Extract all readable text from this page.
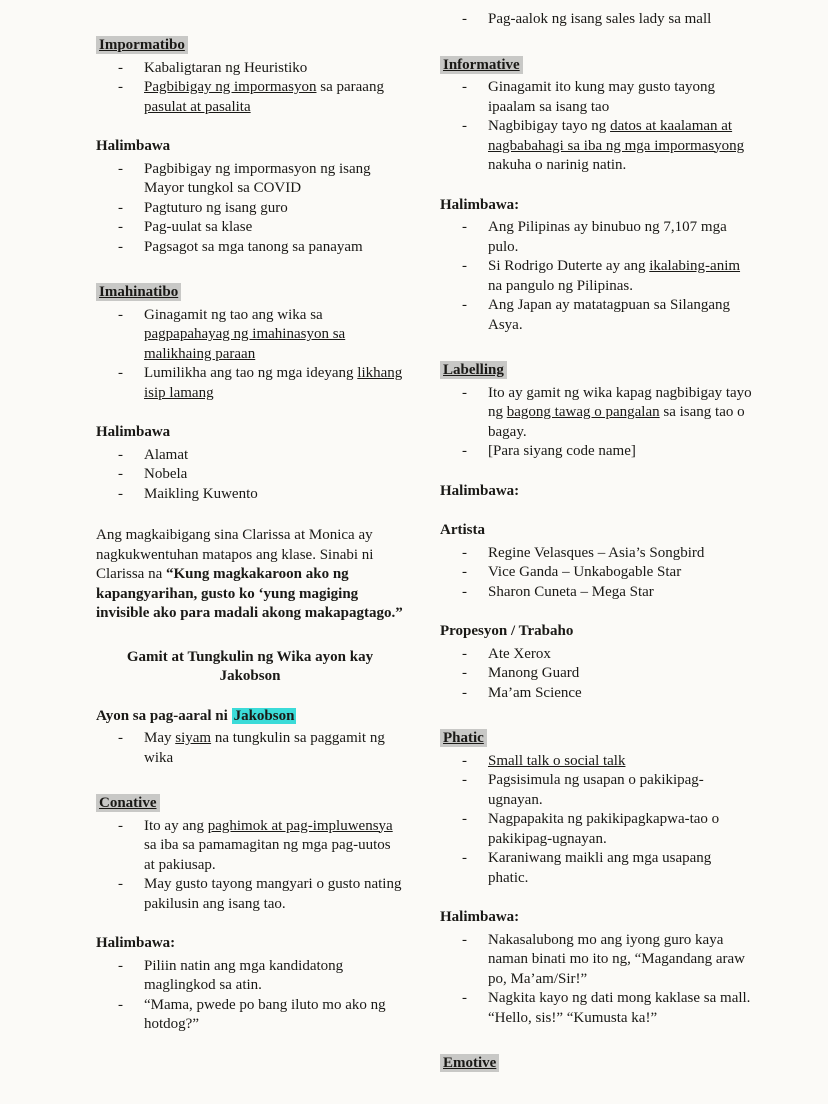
Impormatibo
- Kabaligtaran ng Heuristiko
- Pagbibigay ng impormasyon sa paraang pasulat at pasalita
Halimbawa
- Pagbibigay ng impormasyon ng isang Mayor tungkol sa COVID
- Pagtuturo ng isang guro
- Pag-uulat sa klase
- Pagsagot sa mga tanong sa panayam
Imahinatibo
- Ginagamit ng tao ang wika sa pagpapahayag ng imahinasyon sa malikhaing paraan
- Lumilikha ang tao ng mga ideyang likhang isip lamang
Halimbawa
- Alamat
- Nobela
- Maikling Kuwento
Ang magkaibigang sina Clarissa at Monica ay nagkukwentuhan matapos ang klase. Sinabi ni Clarissa na “Kung magkakaroon ako ng kapangyarihan, gusto ko ‘yung magiging invisible ako para madali akong makapagtago.”
Gamit at Tungkulin ng Wika ayon kay Jakobson
Ayon sa pag-aaral ni Jakobson
- May siyam na tungkulin sa paggamit ng wika
Conative
- Ito ay ang paghimok at pag-impluwensya sa iba sa pamamagitan ng mga pag-uutos at pakiusap.
- May gusto tayong mangyari o gusto nating pakilusin ang isang tao.
Halimbawa:
- Piliin natin ang mga kandidatong maglingkod sa atin.
- “Mama, pwede po bang iluto mo ako ng hotdog?”
- Pag-aalok ng isang sales lady sa mall
Informative
- Ginagamit ito kung may gusto tayong ipaalam sa isang tao
- Nagbibigay tayo ng datos at kaalaman at nagbabahagi sa iba ng mga impormasyong nakuha o narinig natin.
Halimbawa:
- Ang Pilipinas ay binubuo ng 7,107 mga pulo.
- Si Rodrigo Duterte ay ang ikalabing-anim na pangulo ng Pilipinas.
- Ang Japan ay matatagpuan sa Silangang Asya.
Labelling
- Ito ay gamit ng wika kapag nagbibigay tayo ng bagong tawag o pangalan sa isang tao o bagay.
- [Para siyang code name]
Halimbawa:
Artista
- Regine Velasques – Asia’s Songbird
- Vice Ganda – Unkabogable Star
- Sharon Cuneta – Mega Star
Propesyon / Trabaho
- Ate Xerox
- Manong Guard
- Ma’am Science
Phatic
- Small talk o social talk
- Pagsisimula ng usapan o pakikipag-ugnayan.
- Nagpapakita ng pakikipagkapwa-tao o pakikipag-ugnayan.
- Karaniwang maikli ang mga usapang phatic.
Halimbawa:
- Nakasalubong mo ang iyong guro kaya naman binati mo ito ng, “Magandang araw po, Ma’am/Sir!”
- Nagkita kayo ng dati mong kaklase sa mall. “Hello, sis!” “Kumusta ka!”
Emotive
